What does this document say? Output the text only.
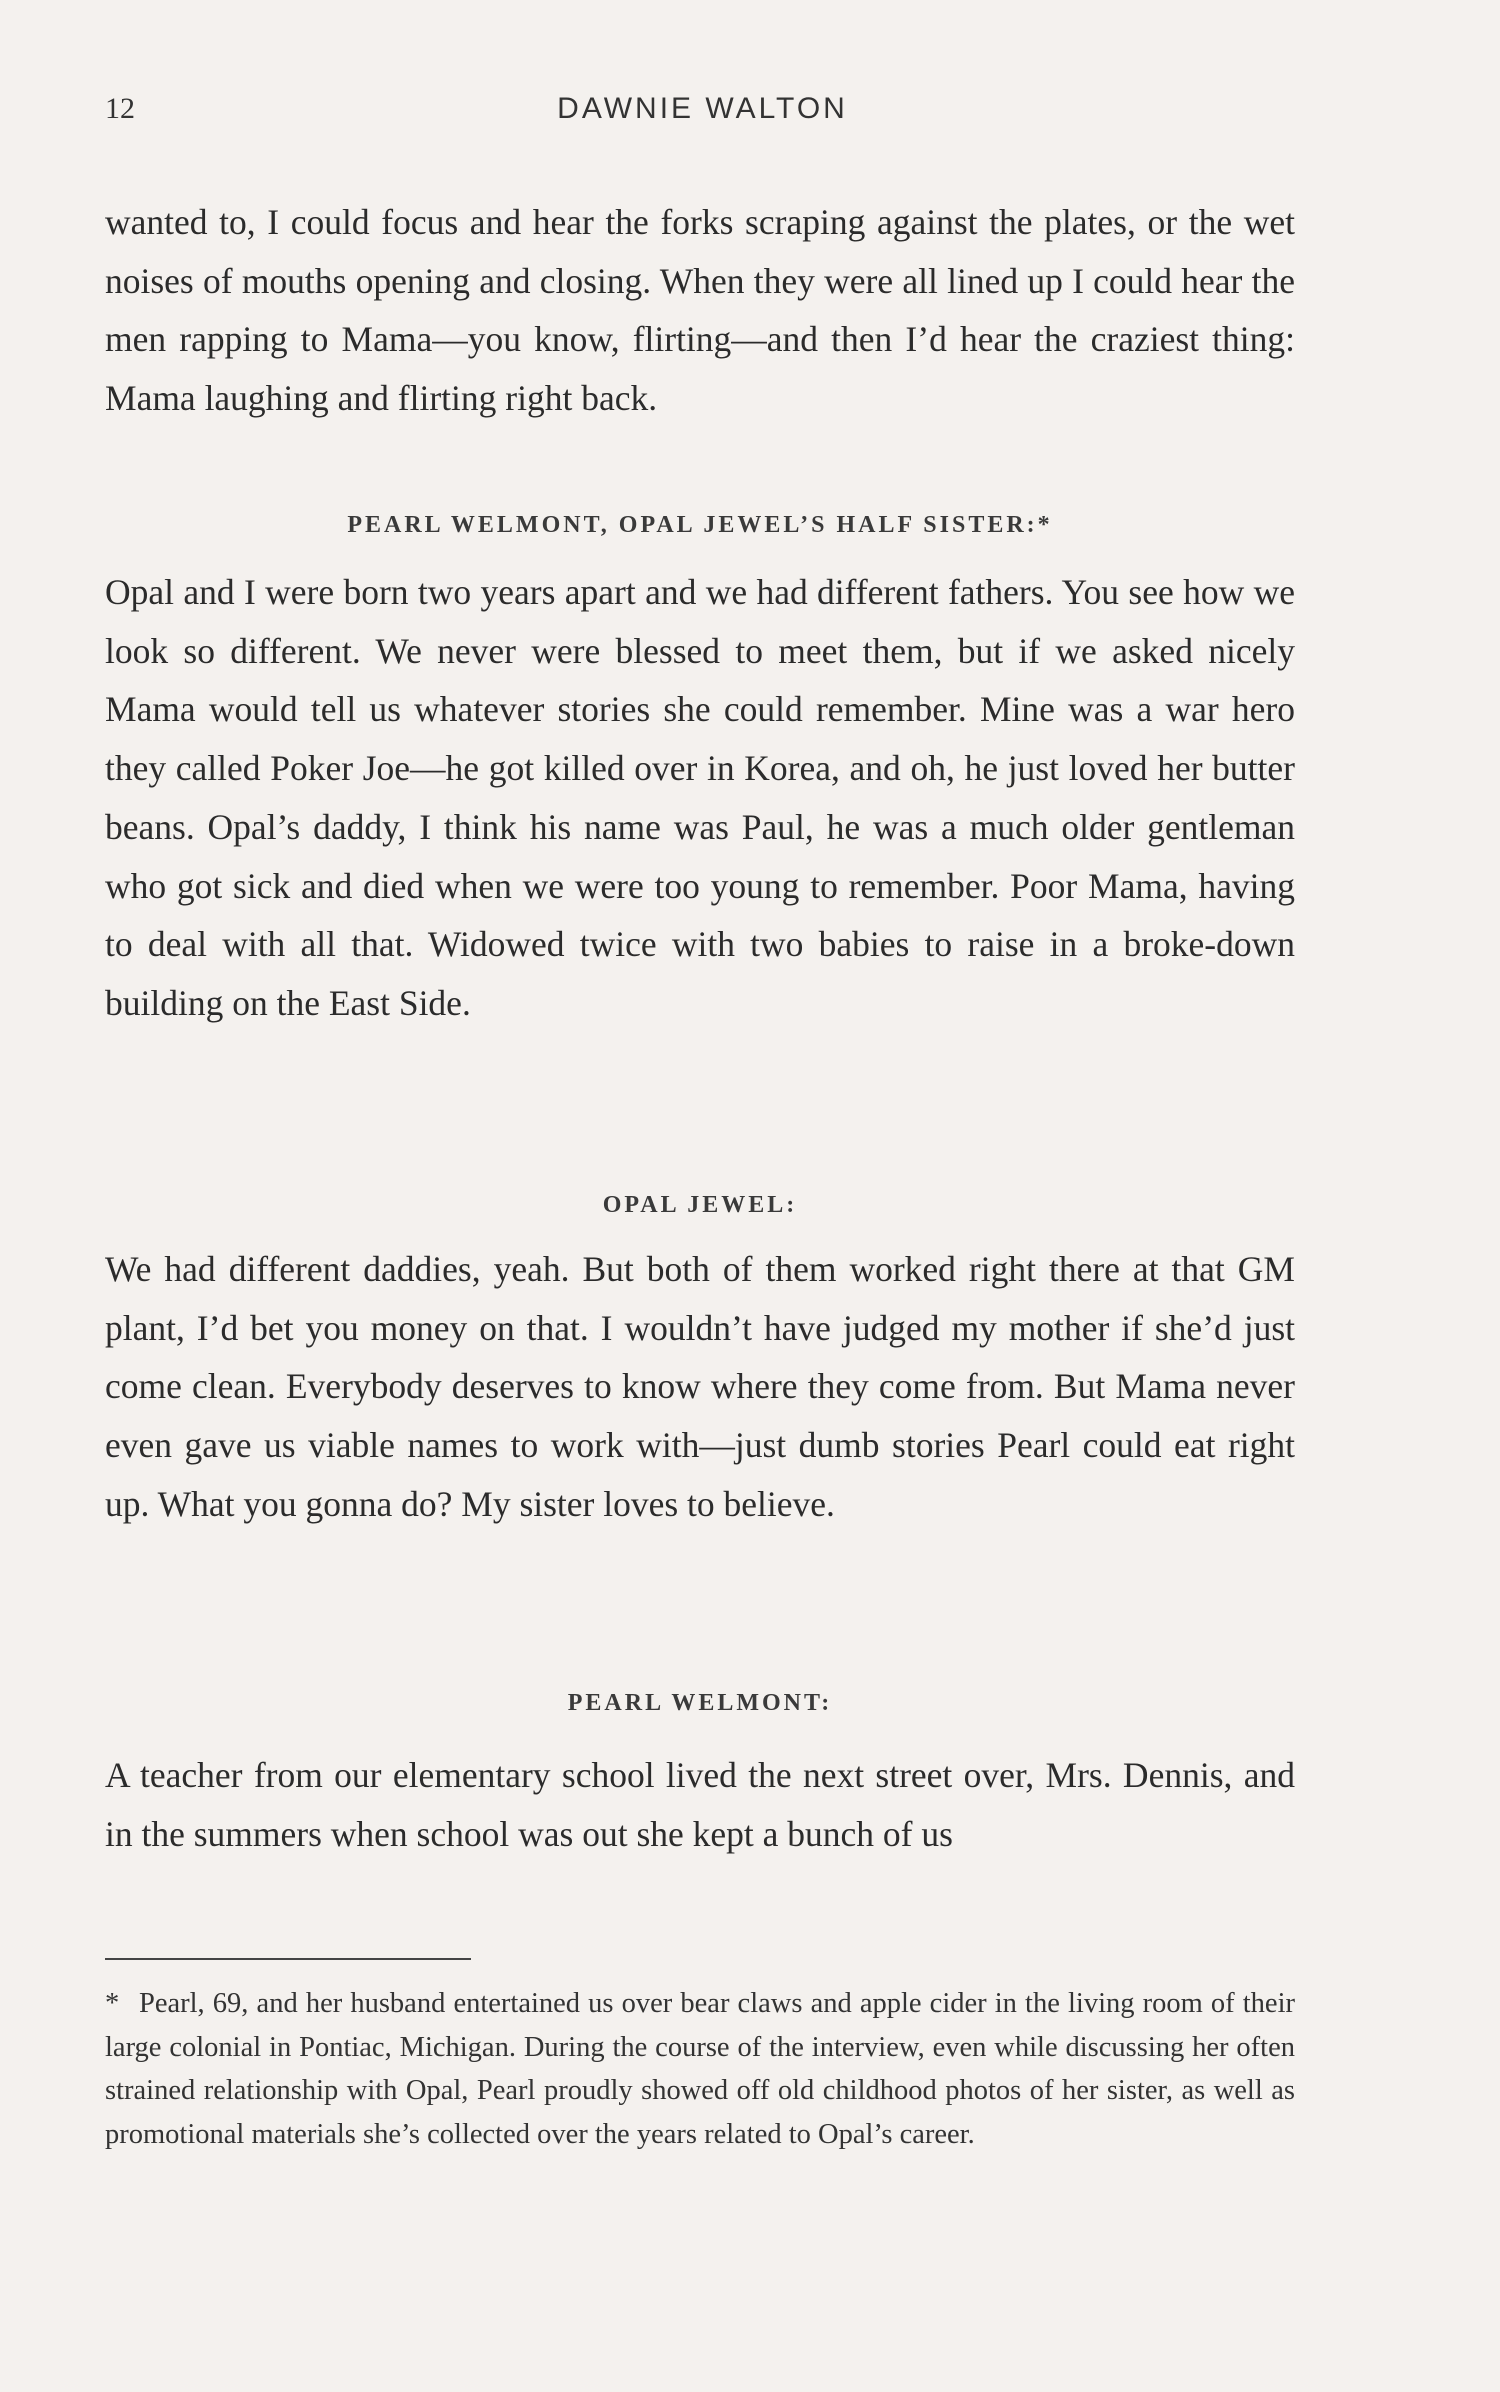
12	DAWNIE WALTON

wanted to, I could focus and hear the forks scraping against the plates, or the wet noises of mouths opening and closing. When they were all lined up I could hear the men rapping to Mama—you know, flirting—and then I’d hear the craziest thing: Mama laughing and flirting right back.

PEARL WELMONT, OPAL JEWEL’S HALF SISTER:*

Opal and I were born two years apart and we had different fathers. You see how we look so different. We never were blessed to meet them, but if we asked nicely Mama would tell us whatever stories she could remember. Mine was a war hero they called Poker Joe—he got killed over in Korea, and oh, he just loved her butter beans. Opal’s daddy, I think his name was Paul, he was a much older gentleman who got sick and died when we were too young to remember. Poor Mama, having to deal with all that. Widowed twice with two babies to raise in a broke-down building on the East Side.

OPAL JEWEL:

We had different daddies, yeah. But both of them worked right there at that GM plant, I’d bet you money on that. I wouldn’t have judged my mother if she’d just come clean. Everybody deserves to know where they come from. But Mama never even gave us viable names to work with—just dumb stories Pearl could eat right up. What you gonna do? My sister loves to believe.

PEARL WELMONT:

A teacher from our elementary school lived the next street over, Mrs. Dennis, and in the summers when school was out she kept a bunch of us

* Pearl, 69, and her husband entertained us over bear claws and apple cider in the living room of their large colonial in Pontiac, Michigan. During the course of the interview, even while discussing her often strained relationship with Opal, Pearl proudly showed off old childhood photos of her sister, as well as promotional materials she’s collected over the years related to Opal’s career.
